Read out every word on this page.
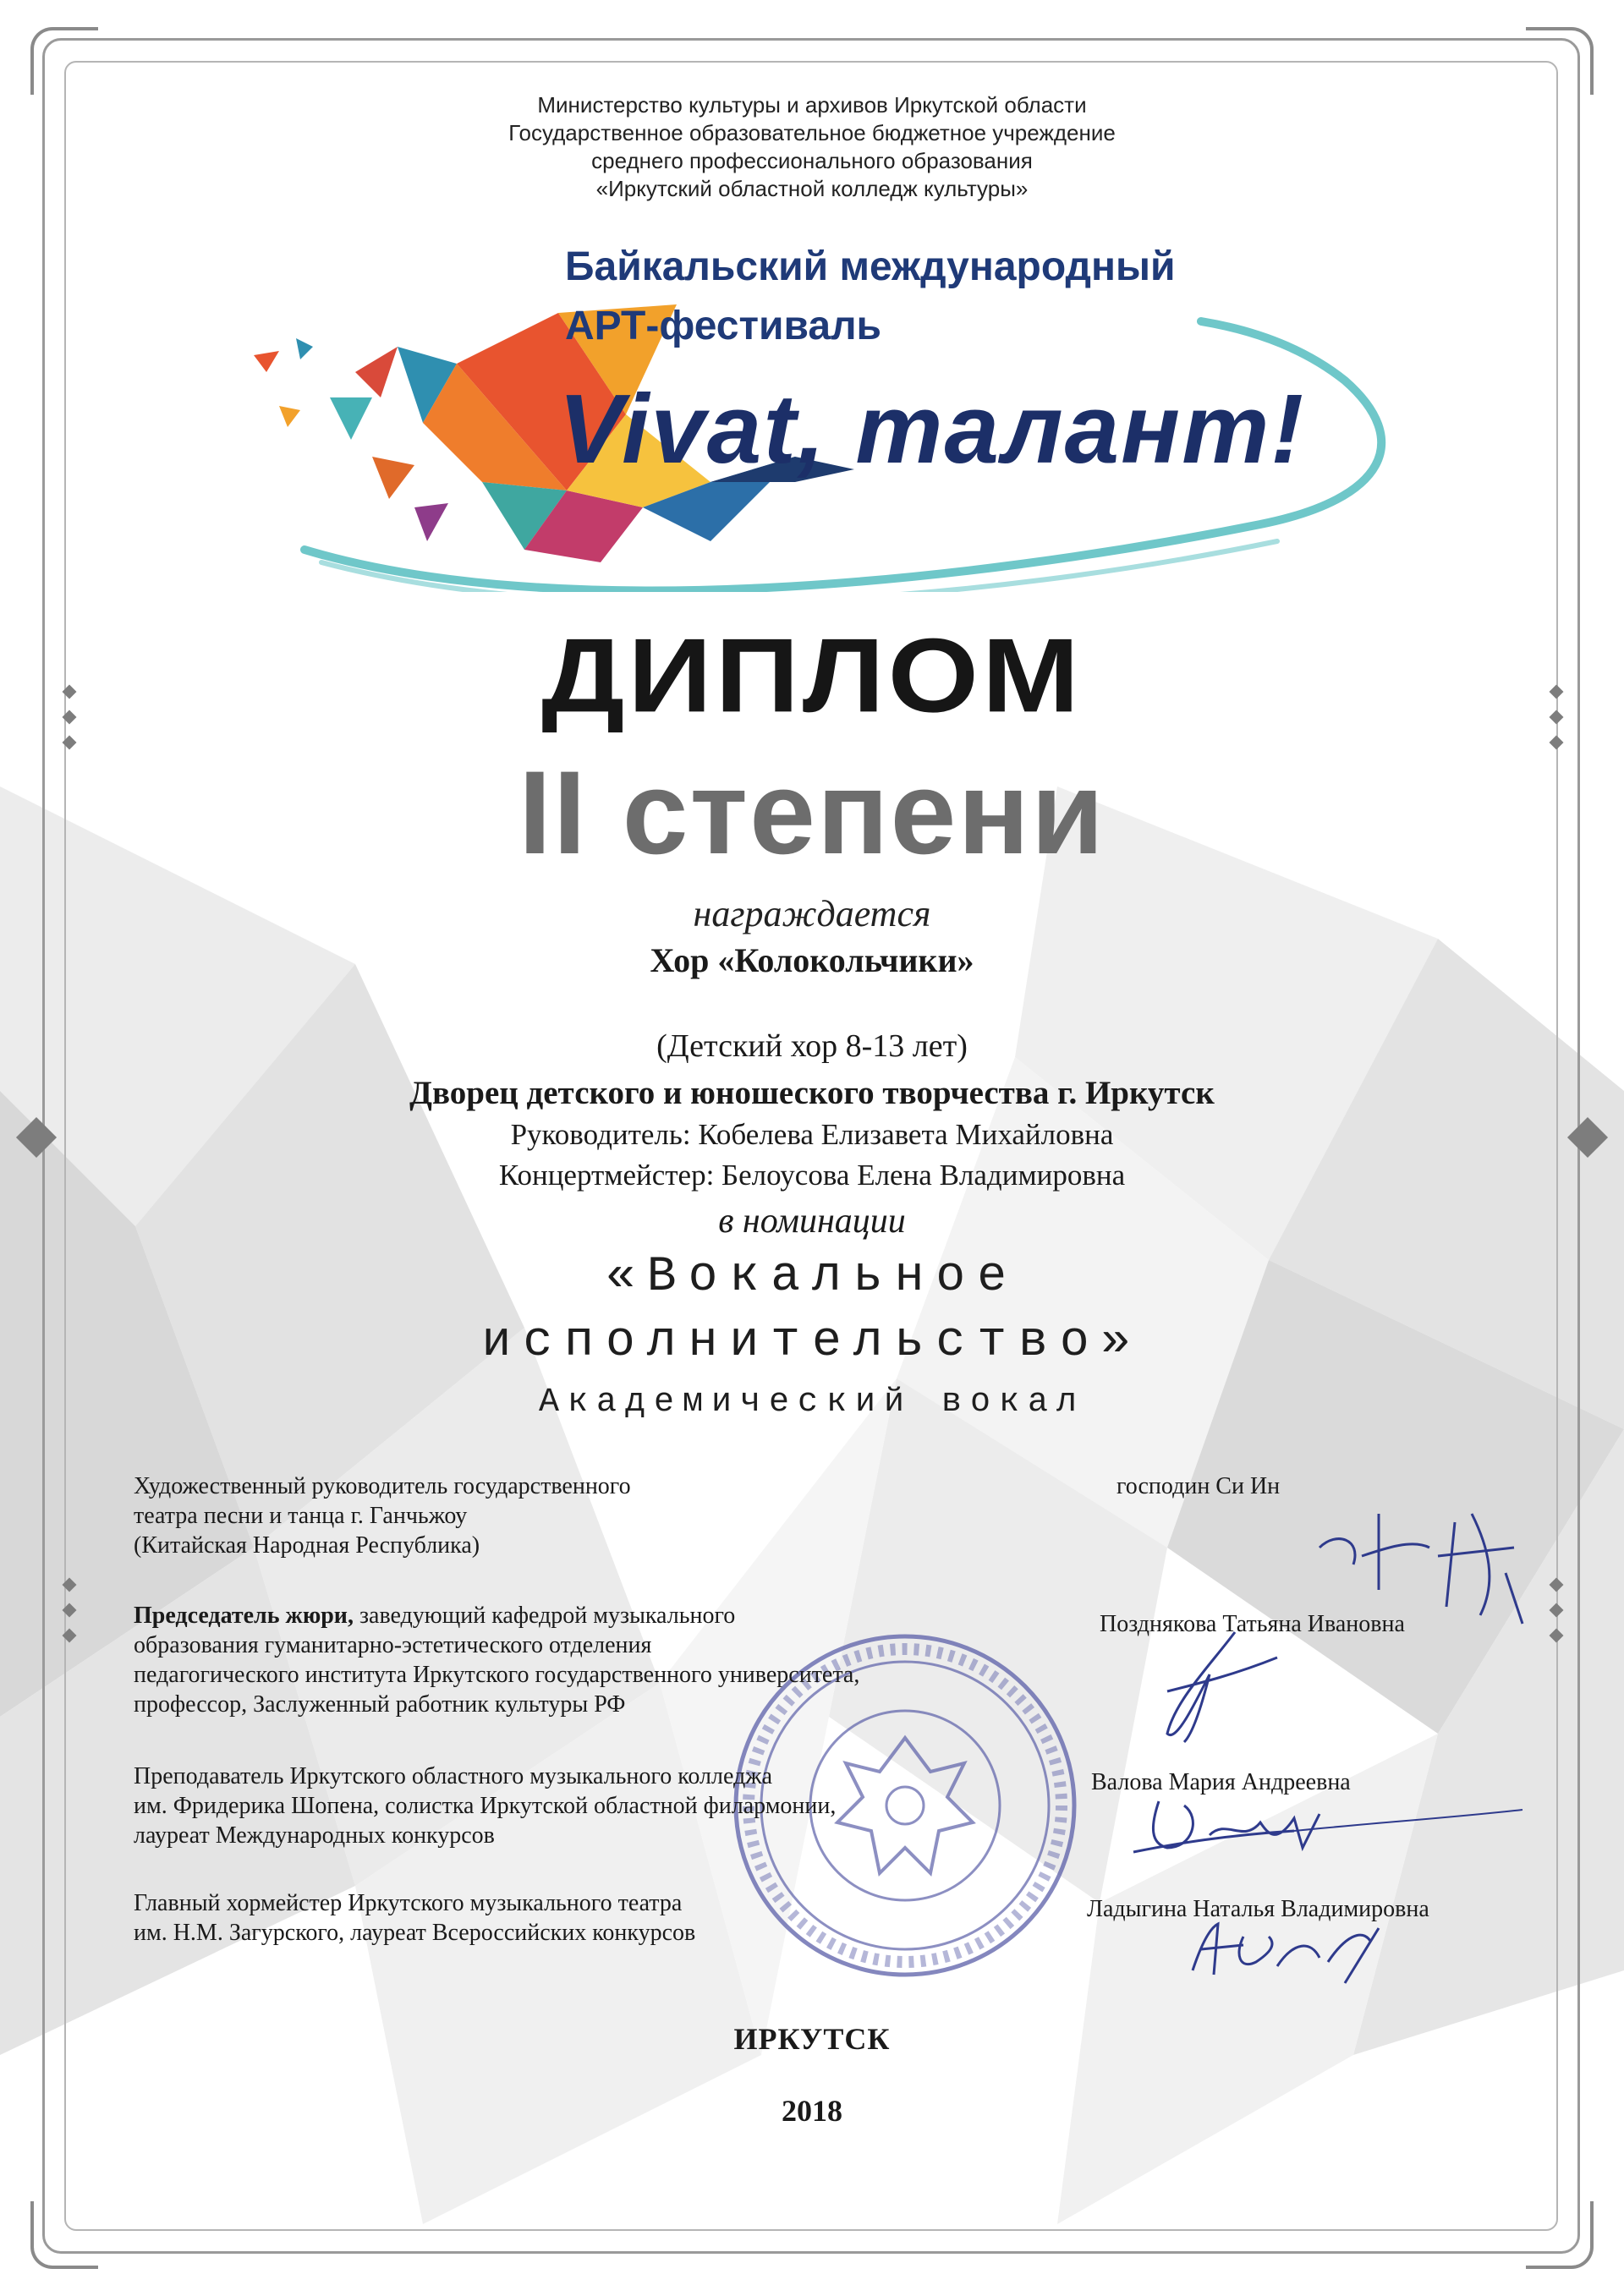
Министерство культуры и архивов Иркутской области
Государственное образовательное бюджетное учреждение
среднего профессионального образования
«Иркутский областной колледж культуры»
Байкальский международный
АРТ-фестиваль
Vivat, талант!
ДИПЛОМ
II степени
награждается
Хор «Колокольчики»
(Детский хор 8-13 лет)
Дворец детского и юношеского творчества г. Иркутск
Руководитель: Кобелева Елизавета Михайловна
Концертмейстер: Белоусова Елена Владимировна
в номинации
«Вокальное
исполнительство»
Академический вокал
Художественный руководитель государственного
театра песни и танца г. Ганчьжоу
(Китайская Народная Республика)
господин Си Ин
Председатель жюри, заведующий кафедрой музыкального
образования гуманитарно-эстетического отделения
педагогического института Иркутского государственного университета,
профессор, Заслуженный работник культуры РФ
Позднякова Татьяна Ивановна
Преподаватель Иркутского областного музыкального колледжа
им. Фридерика Шопена, солистка Иркутской областной филармонии,
лауреат Международных конкурсов
Валова Мария Андреевна
Главный хормейстер Иркутского музыкального театра
им. Н.М. Загурского, лауреат Всероссийских конкурсов
Ладыгина Наталья Владимировна
ИРКУТСК
2018
